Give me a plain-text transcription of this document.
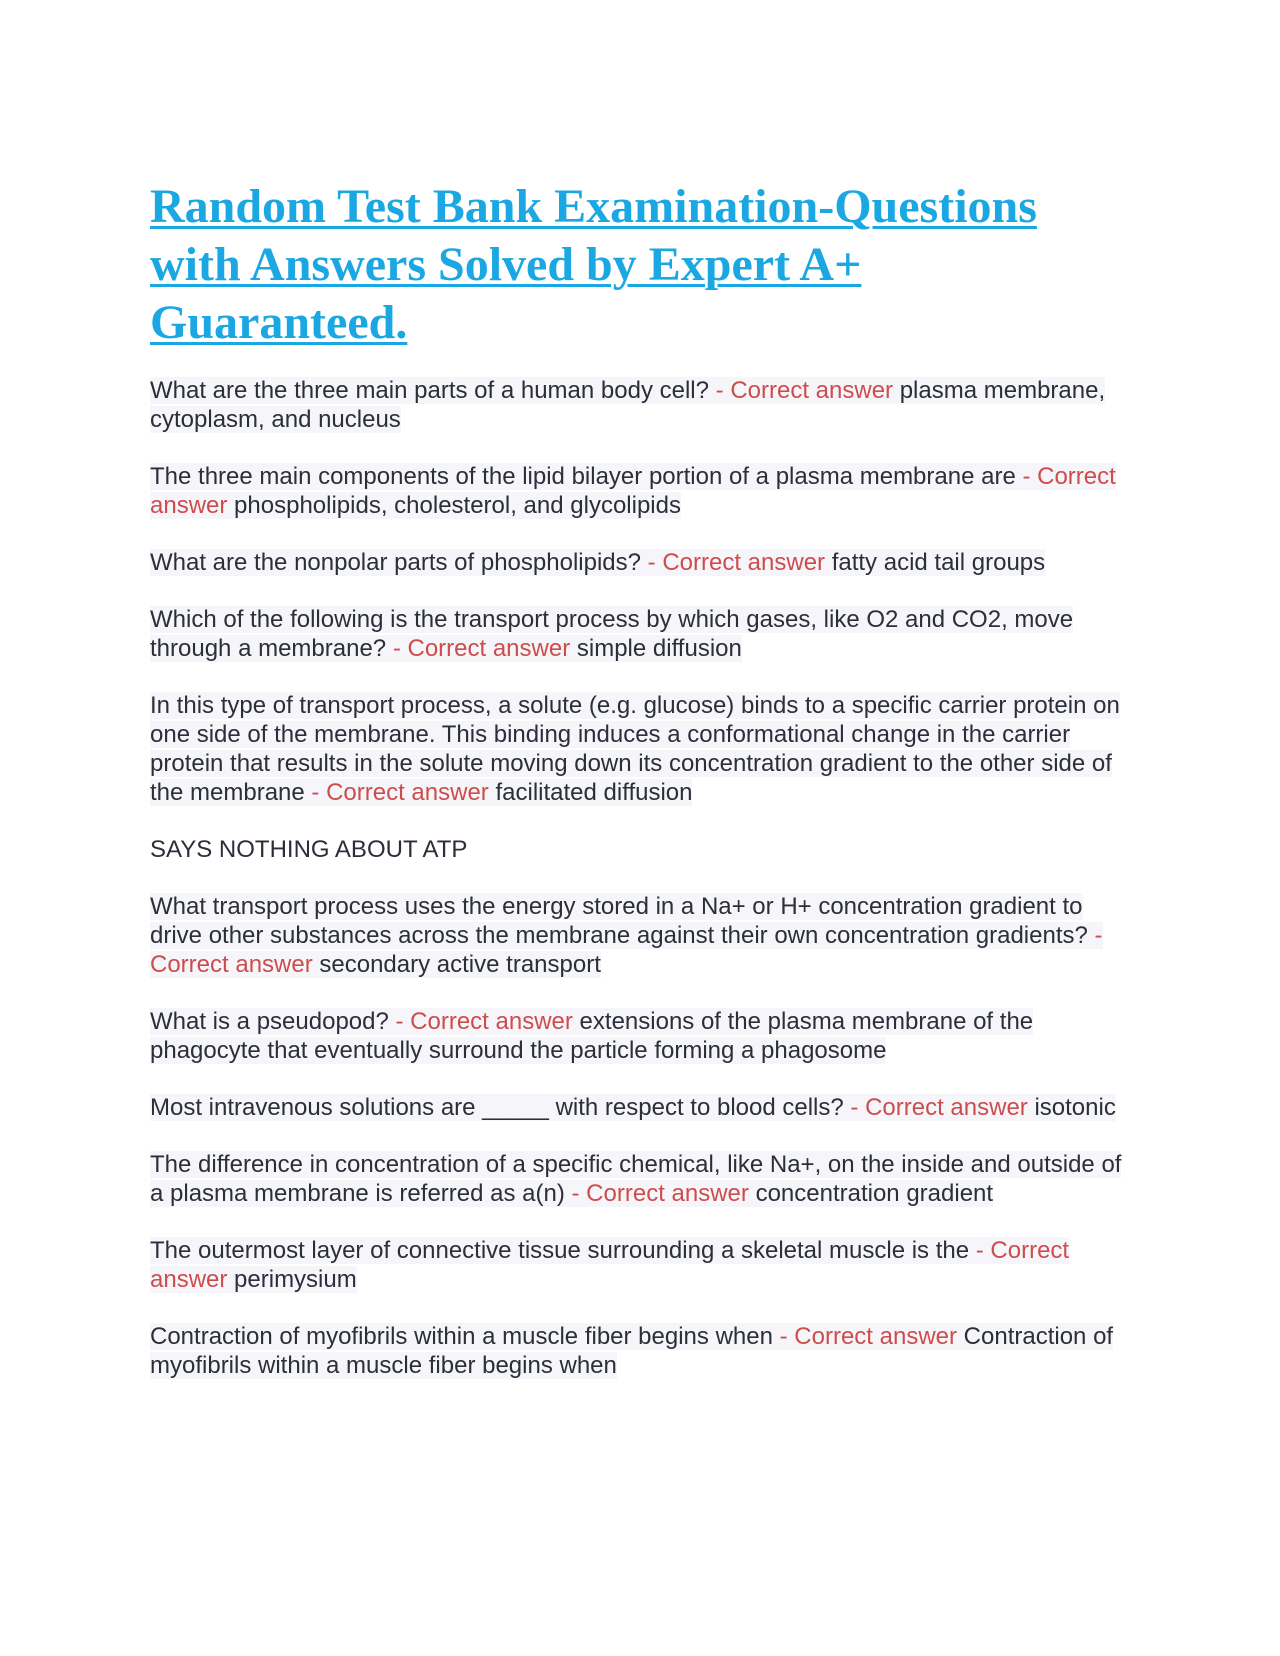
Random Test Bank Examination-Questions with Answers Solved by Expert A+ Guaranteed.

What are the three main parts of a human body cell? - Correct answer plasma membrane, cytoplasm, and nucleus

The three main components of the lipid bilayer portion of a plasma membrane are - Correct answer phospholipids, cholesterol, and glycolipids

What are the nonpolar parts of phospholipids? - Correct answer fatty acid tail groups

Which of the following is the transport process by which gases, like O2 and CO2, move through a membrane? - Correct answer simple diffusion

In this type of transport process, a solute (e.g. glucose) binds to a specific carrier protein on one side of the membrane. This binding induces a conformational change in the carrier protein that results in the solute moving down its concentration gradient to the other side of the membrane - Correct answer facilitated diffusion

SAYS NOTHING ABOUT ATP

What transport process uses the energy stored in a Na+ or H+ concentration gradient to drive other substances across the membrane against their own concentration gradients? - Correct answer secondary active transport

What is a pseudopod? - Correct answer extensions of the plasma membrane of the phagocyte that eventually surround the particle forming a phagosome

Most intravenous solutions are _____ with respect to blood cells? - Correct answer isotonic

The difference in concentration of a specific chemical, like Na+, on the inside and outside of a plasma membrane is referred as a(n) - Correct answer concentration gradient

The outermost layer of connective tissue surrounding a skeletal muscle is the - Correct answer perimysium

Contraction of myofibrils within a muscle fiber begins when - Correct answer Contraction of myofibrils within a muscle fiber begins when
